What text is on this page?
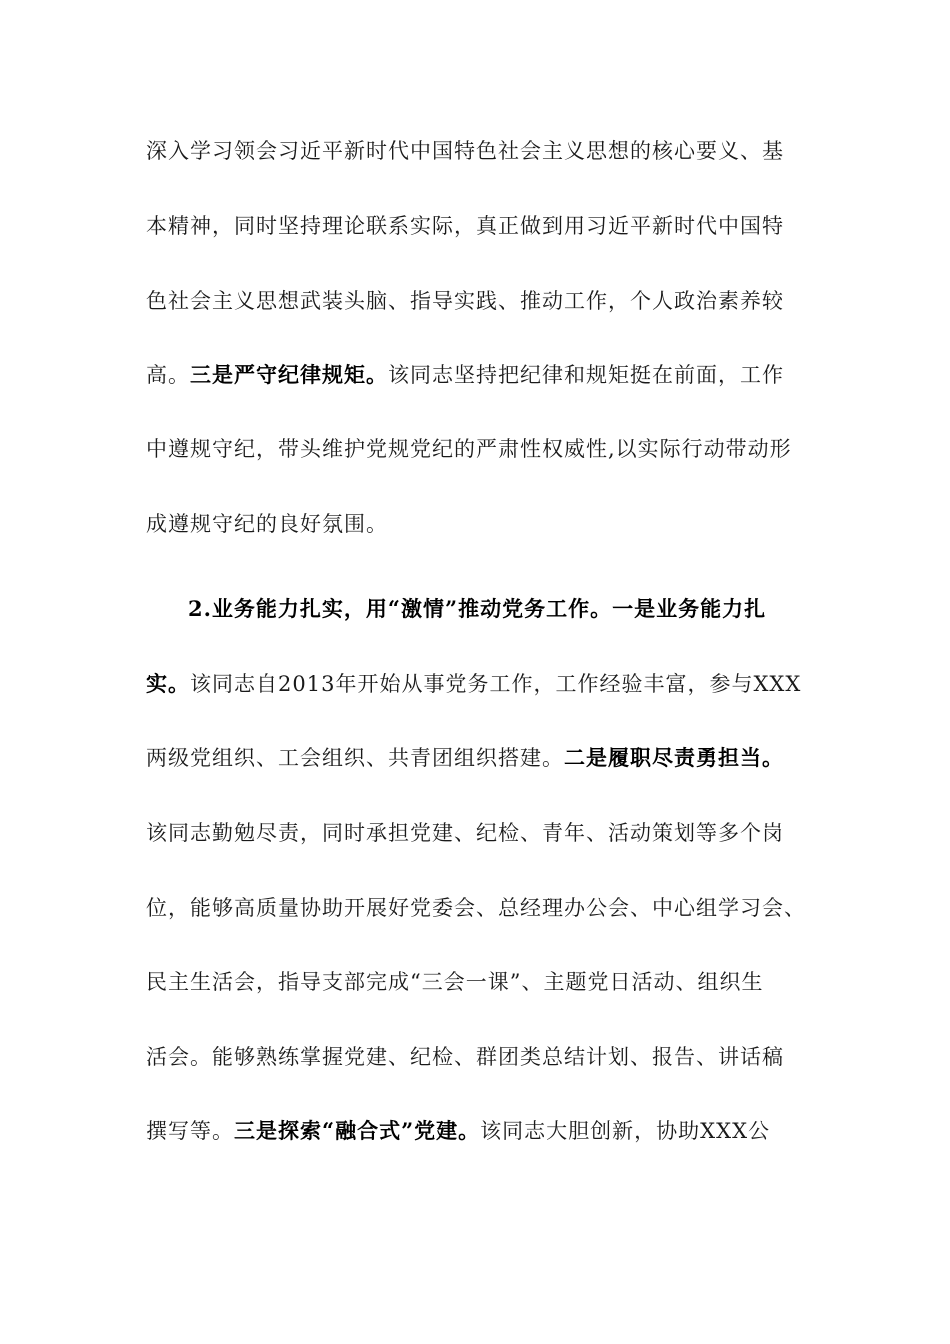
深入学习领会习近平新时代中国特色社会主义思想的核心要义、基
本精神，同时坚持理论联系实际，真正做到用习近平新时代中国特
色社会主义思想武装头脑、指导实践、推动工作，个人政治素养较
高。三是严守纪律规矩。该同志坚持把纪律和规矩挺在前面，工作
中遵规守纪，带头维护党规党纪的严肃性权威性,以实际行动带动形
成遵规守纪的良好氛围。
2.业务能力扎实，用“激情”推动党务工作。一是业务能力扎
实。该同志自2013年开始从事党务工作，工作经验丰富，参与XXX
两级党组织、工会组织、共青团组织搭建。二是履职尽责勇担当。
该同志勤勉尽责，同时承担党建、纪检、青年、活动策划等多个岗
位，能够高质量协助开展好党委会、总经理办公会、中心组学习会、
民主生活会，指导支部完成“三会一课”、主题党日活动、组织生
活会。能够熟练掌握党建、纪检、群团类总结计划、报告、讲话稿
撰写等。三是探索“融合式”党建。该同志大胆创新，协助XXX公
